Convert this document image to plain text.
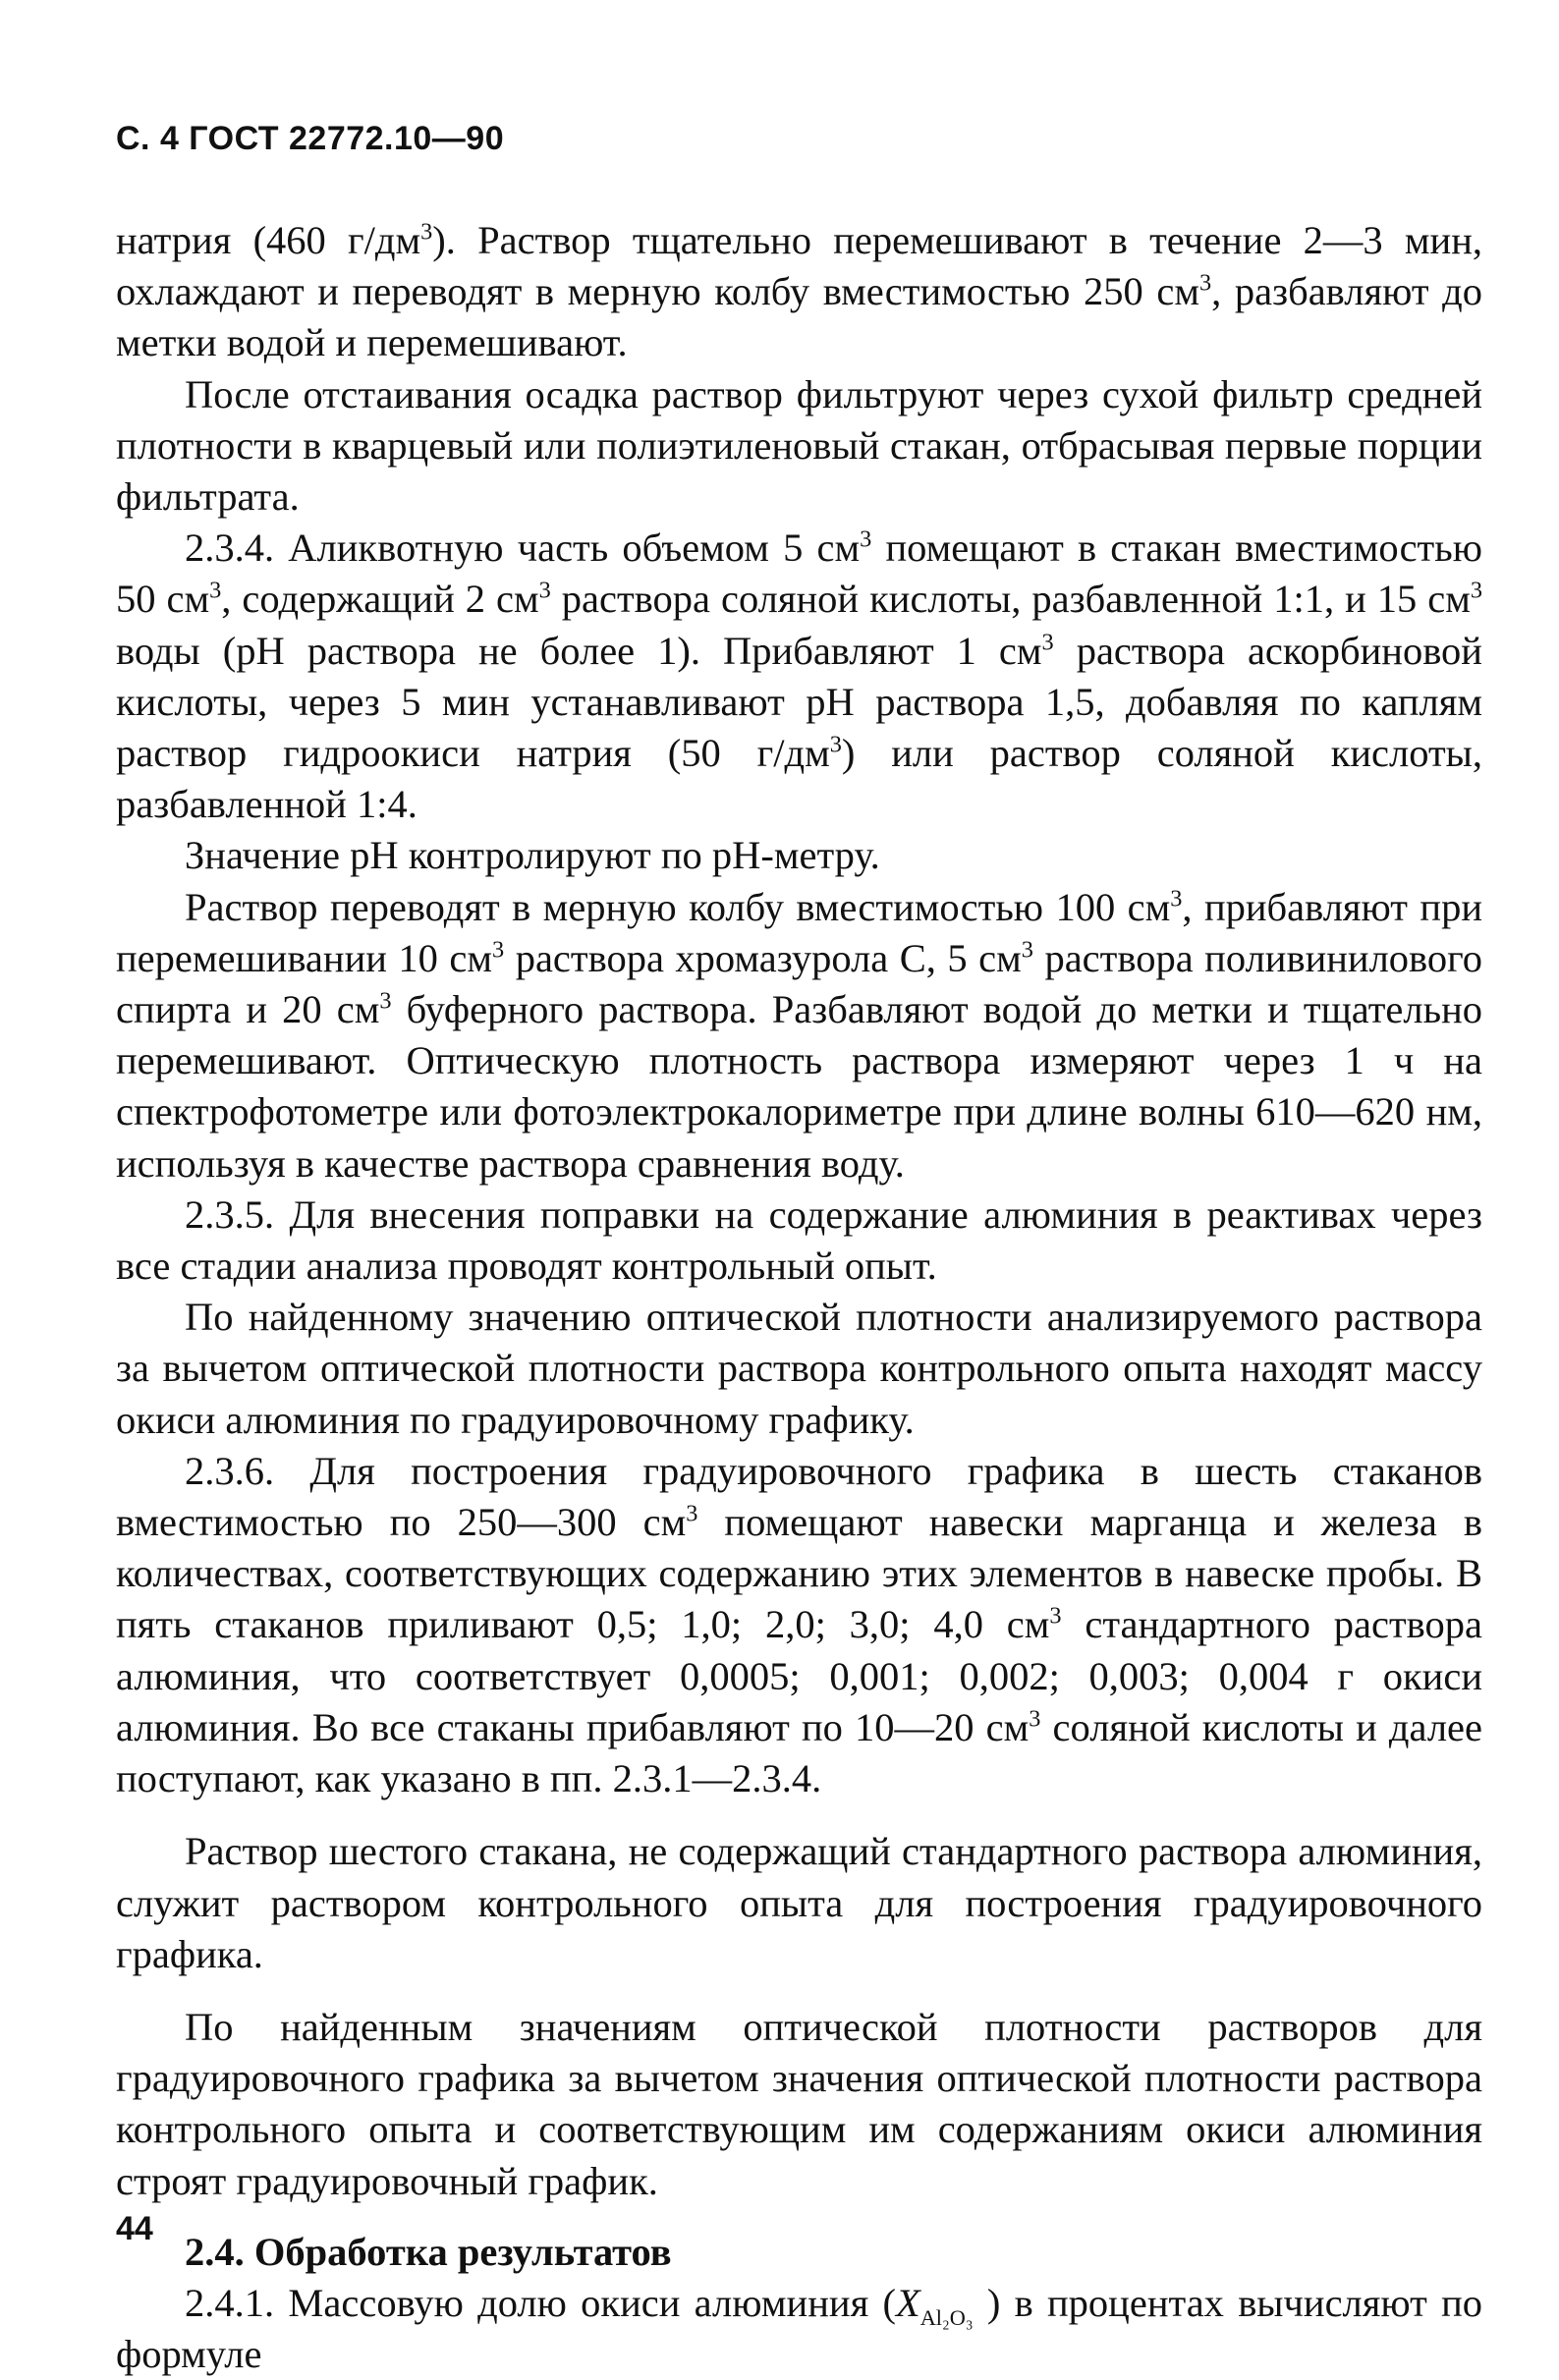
С. 4 ГОСТ 22772.10—90

натрия (460 $г/дм^3$). Раствор тщательно перемешивают в течение 2—3 мин, охлаждают и переводят в мерную колбу вместимостью 250 $см^3$, разбавляют до метки водой и перемешивают.

После отстаивания осадка раствор фильтруют через сухой фильтр средней плотности в кварцевый или полиэтиленовый стакан, отбрасывая первые порции фильтрата.

2.3.4. Аликвотную часть объемом 5 $см^3$ помещают в стакан вместимостью 50 $см^3$, содержащий 2 $см^3$ раствора соляной кислоты, разбавленной 1:1, и 15 $см^3$ воды (pH раствора не более 1). Прибавляют 1 $см^3$ раствора аскорбиновой кислоты, через 5 мин устанавливают pH раствора 1,5, добавляя по каплям раствор гидроокиси натрия (50 $г/дм^3$) или раствор соляной кислоты, разбавленной 1:4.

Значение pH контролируют по pH-метру.

Раствор переводят в мерную колбу вместимостью 100 $см^3$, прибавляют при перемешивании 10 $см^3$ раствора хромазурола С, 5 $см^3$ раствора поливинилового спирта и 20 $см^3$ буферного раствора. Разбавляют водой до метки и тщательно перемешивают. Оптическую плотность раствора измеряют через 1 ч на спектрофотометре или фотоэлектрокалориметре при длине волны 610—620 нм, используя в качестве раствора сравнения воду.

2.3.5. Для внесения поправки на содержание алюминия в реактивах через все стадии анализа проводят контрольный опыт.

По найденному значению оптической плотности анализируемого раствора за вычетом оптической плотности раствора контрольного опыта находят массу окиси алюминия по градуировочному графику.

2.3.6. Для построения градуировочного графика в шесть стаканов вместимостью по 250—300 $см^3$ помещают навески марганца и железа в количествах, соответствующих содержанию этих элементов в навеске пробы. В пять стаканов приливают 0,5; 1,0; 2,0; 3,0; 4,0 $см^3$ стандартного раствора алюминия, что соответствует 0,0005; 0,001; 0,002; 0,003; 0,004 г окиси алюминия. Во все стаканы прибавляют по 10—20 $см^3$ соляной кислоты и далее поступают, как указано в пп. 2.3.1—2.3.4.

Раствор шестого стакана, не содержащий стандартного раствора алюминия, служит раствором контрольного опыта для построения градуировочного графика.

По найденным значениям оптической плотности растворов для градуировочного графика за вычетом значения оптической плотности раствора контрольного опыта и соответствующим им содержаниям окиси алюминия строят градуировочный график.

2.4. Обработка результатов

2.4.1. Массовую долю окиси алюминия ($X_{Al_2O_3}$ ) в процентах вычисляют по формуле

44
